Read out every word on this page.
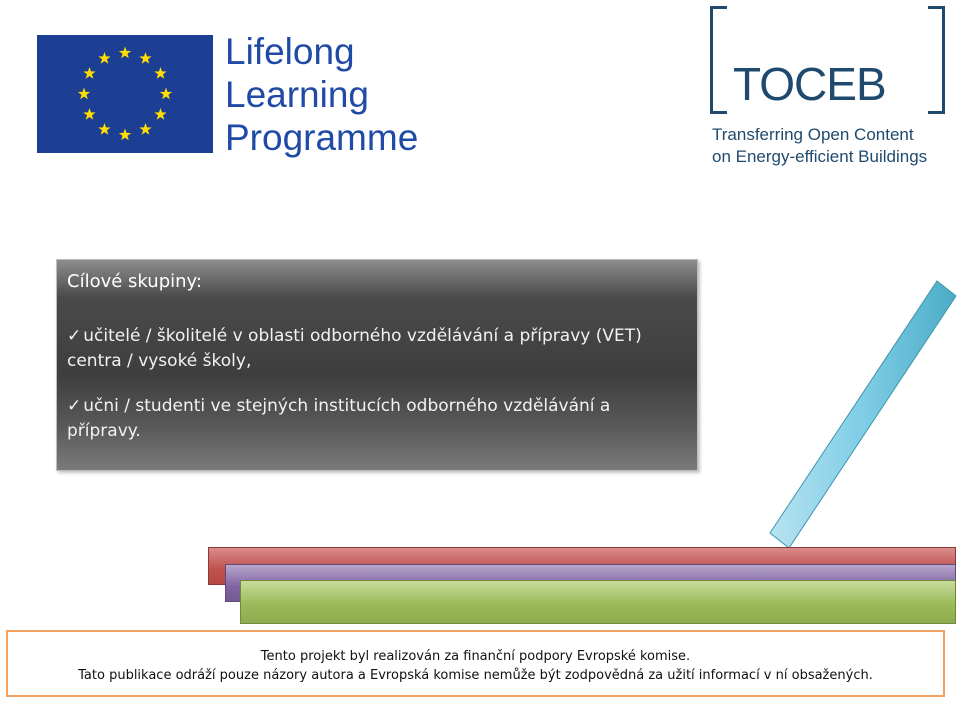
Lifelong
Learning
Programme
TOCEB
Transferring Open Content
on Energy-efficient Buildings
Cílové skupiny:
✓ učitelé / školitelé v oblasti odborného vzdělávání a přípravy (VET) centra / vysoké školy,
✓ učni / studenti ve stejných institucích odborného vzdělávání a přípravy.
Tento projekt byl realizován za finanční podpory Evropské komise.
Tato publikace odráží pouze názory autora a Evropská komise nemůže být zodpovědná za užití informací v ní obsažených.
